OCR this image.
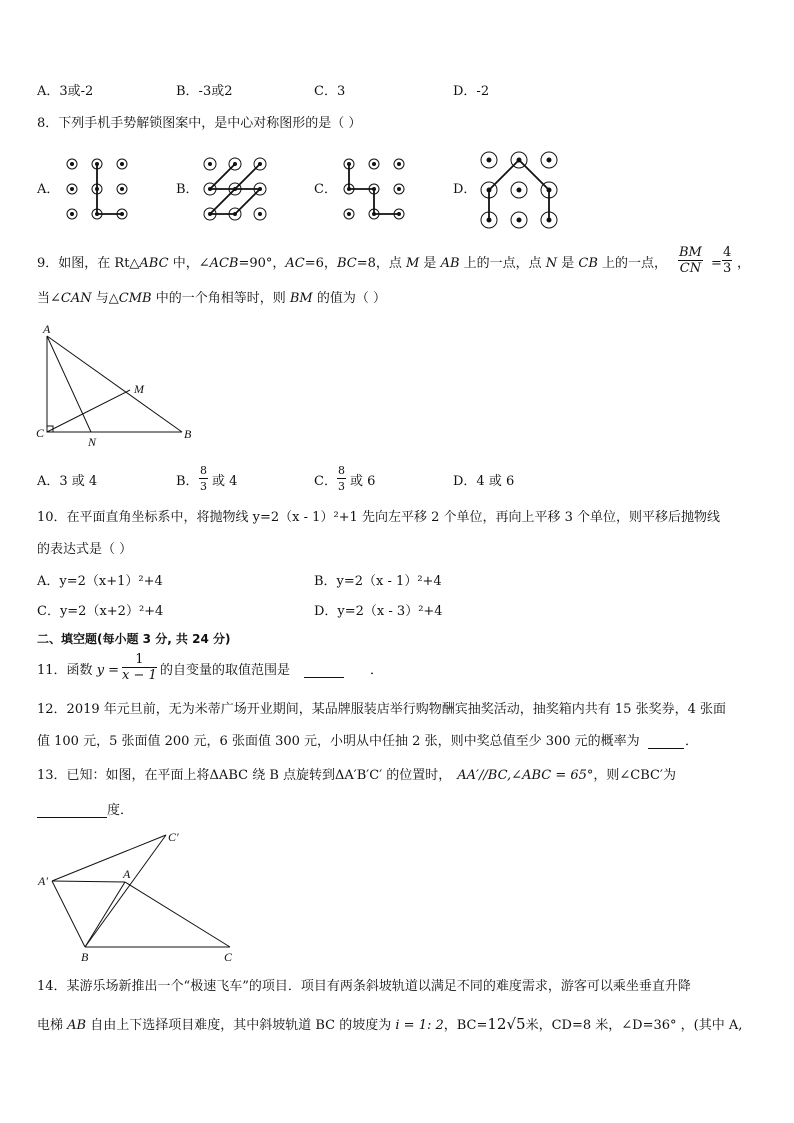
A．3或-2	B．-3或2	C．3	D．-2
8．下列手机手势解锁图案中，是中心对称图形的是（ ）
A．	B．	C．	D．
9．如图，在 Rt△ABC 中，∠ACB=90°，AC=6，BC=8，点 M 是 AB 上的一点，点 N 是 CB 上的一点， $\frac{BM}{CN} = \frac{4}{3}$ ，
当∠CAN 与△CMB 中的一个角相等时，则 BM 的值为（ ）
A
C
N
B
M
A．3 或 4	B． $\frac{8}{3}$ 或 4	C． $\frac{8}{3}$ 或 6	D．4 或 6
10．在平面直角坐标系中，将抛物线 y=2（x - 1）²+1 先向左平移 2 个单位，再向上平移 3 个单位，则平移后抛物线
的表达式是（ ）
A．y=2（x+1）²+4	B．y=2（x - 1）²+4
C．y=2（x+2）²+4	D．y=2（x - 3）²+4
二、填空题(每小题 3 分, 共 24 分)
11．函数 $y = \frac{1}{x - 1}$ 的自变量的取值范围是	．
12．2019 年元旦前，无为米蒂广场开业期间，某品牌服装店举行购物酬宾抽奖活动，抽奖箱内共有 15 张奖券，4 张面
值 100 元，5 张面值 200 元，6 张面值 300 元，小明从中任抽 2 张，则中奖总值至少 300 元的概率为	．
13．已知：如图，在平面上将ΔABC 绕 B 点旋转到ΔA′B′C′ 的位置时， AA′//BC,∠ABC = 65°，则∠CBC′为
度．
C′
A′	A
B	C
14．某游乐场新推出一个“极速飞车”的项目．项目有两条斜坡轨道以满足不同的难度需求，游客可以乘坐垂直升降
电梯 AB 自由上下选择项目难度，其中斜坡轨道 BC 的坡度为 i = 1: 2，BC=12√5米，CD=8 米，∠D=36° ，(其中 A,
